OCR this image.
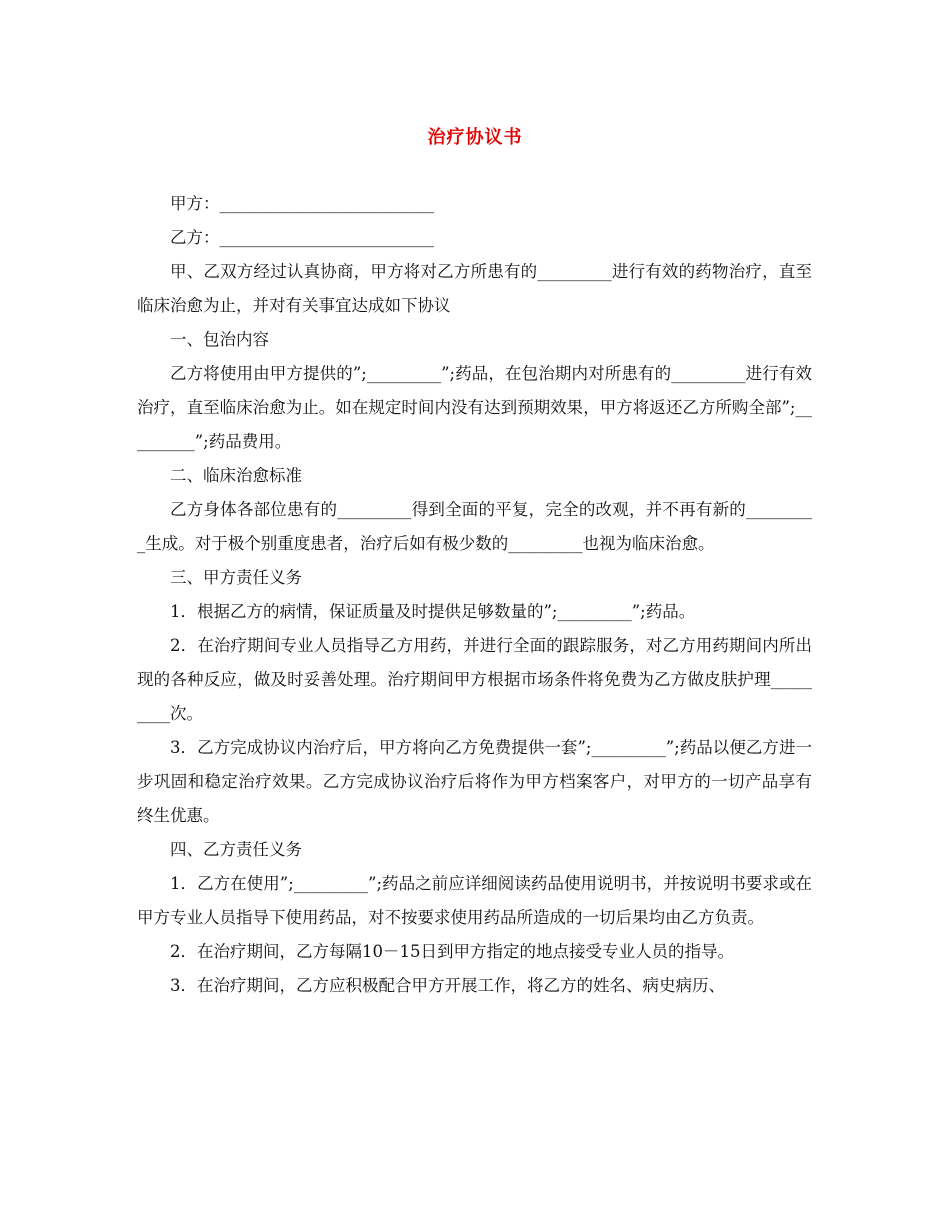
治疗协议书

甲方：__________________________

乙方：__________________________

甲、乙双方经过认真协商，甲方将对乙方所患有的_________进行有效的药物治疗，直至临床治愈为止，并对有关事宜达成如下协议

一、包治内容

乙方将使用由甲方提供的”;_________”;药品，在包治期内对所患有的_________进行有效治疗，直至临床治愈为止。如在规定时间内没有达到预期效果，甲方将返还乙方所购全部”;_________”;药品费用。

二、临床治愈标准

乙方身体各部位患有的_________得到全面的平复，完全的改观，并不再有新的_________生成。对于极个别重度患者，治疗后如有极少数的_________也视为临床治愈。

三、甲方责任义务

1．根据乙方的病情，保证质量及时提供足够数量的”;_________”;药品。

2．在治疗期间专业人员指导乙方用药，并进行全面的跟踪服务，对乙方用药期间内所出现的各种反应，做及时妥善处理。治疗期间甲方根据市场条件将免费为乙方做皮肤护理_________次。

3．乙方完成协议内治疗后，甲方将向乙方免费提供一套”;_________”;药品以便乙方进一步巩固和稳定治疗效果。乙方完成协议治疗后将作为甲方档案客户，对甲方的一切产品享有终生优惠。

四、乙方责任义务

1．乙方在使用”;_________”;药品之前应详细阅读药品使用说明书，并按说明书要求或在甲方专业人员指导下使用药品，对不按要求使用药品所造成的一切后果均由乙方负责。

2．在治疗期间，乙方每隔10－15日到甲方指定的地点接受专业人员的指导。

3．在治疗期间，乙方应积极配合甲方开展工作，将乙方的姓名、病史病历、
